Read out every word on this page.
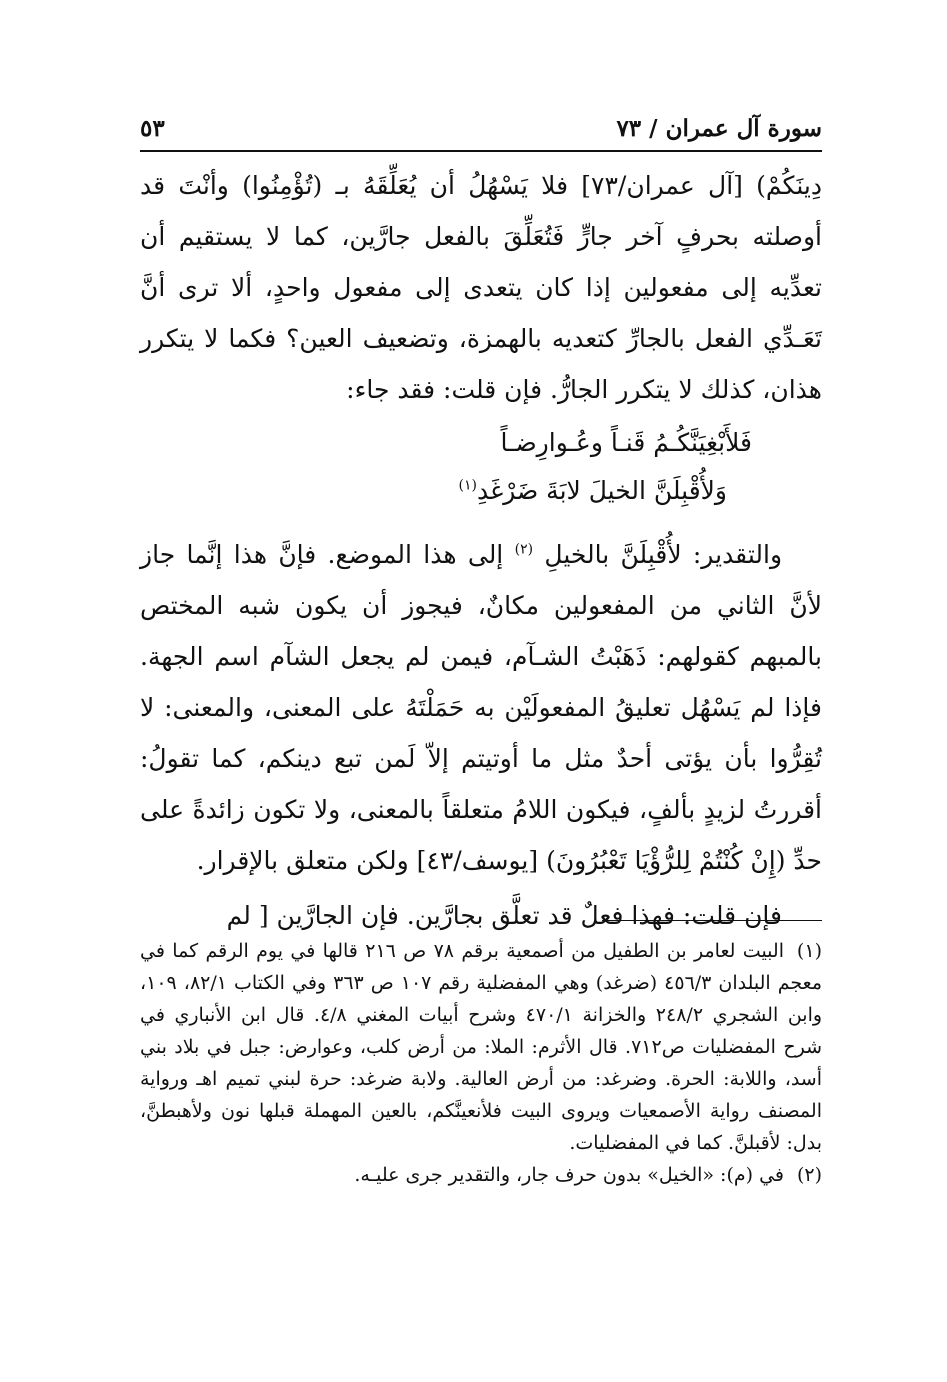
سورة آل عمران / ٧٣
٥٣

دِينَكُمْ) [آل عمران/٧٣] فلا يَسْهُلُ أن يُعَلِّقَهُ بـ (تُؤْمِنُوا) وأنْتَ قد أوصلته بحرفٍ آخر جارٍّ فَتُعَلِّقَ بالفعل جارَّين، كما لا يستقيم أن تعدِّيه إلى مفعولين إذا كان يتعدى إلى مفعول واحدٍ، ألا ترى أنَّ تَعَـدِّي الفعل بالجارِّ كتعديه بالهمزة، وتضعيف العين؟ فكما لا يتكرر هذان، كذلك لا يتكرر الجارُّ. فإن قلت: فقد جاء:

فَلأَبْغِيَنَّكُـمُ قَنـاً وعُـوارِضـاً

وَلأُقْبِلَنَّ الخيلَ لابَةَ ضَرْغَدِ$^{(١)}$

والتقدير: لأُقْبِلَنَّ بالخيلِ $^{(٢)}$ إلى هذا الموضع. فإنَّ هذا إنَّما جاز لأنَّ الثاني من المفعولين مكانٌ، فيجوز أن يكون شبه المختص بالمبهم كقولهم: ذَهَبْتُ الشـآم، فيمن لم يجعل الشآم اسم الجهة. فإذا لم يَسْهُل تعليقُ المفعولَيْن به حَمَلْتَهُ على المعنى، والمعنى: لا تُقِرُّوا بأن يؤتى أحدٌ مثل ما أوتيتم إلاّ لَمن تبع دينكم، كما تقولُ: أقررتُ لزيدٍ بألفٍ، فيكون اللامُ متعلقاً بالمعنى، ولا تكون زائدةً على حدِّ (إِنْ كُنْتُمْ لِلرُّؤْيَا تَعْبُرُونَ) [يوسف/٤٣] ولكن متعلق بالإقرار.

فإن قلت: فهذا فعلٌ قد تعلَّق بجارَّين. فإن الجارَّين [ لم

(١)البيت لعامر بن الطفيل من أصمعية برقم ٧٨ ص ٢١٦ قالها في يوم الرقم كما في معجم البلدان ٤٥٦/٣ (ضرغد) وهي المفضلية رقم ١٠٧ ص ٣٦٣ وفي الكتاب ٨٢/١، ١٠٩، وابن الشجري ٢٤٨/٢ والخزانة ٤٧٠/١ وشرح أبيات المغني ٤/٨. قال ابن الأنباري في شرح المفضليات ص٧١٢. قال الأثرم: الملا: من أرض كلب، وعوارض: جبل في بلاد بني أسد، واللابة: الحرة. وضرغد: من أرض العالية. ولابة ضرغد: حرة لبني تميم اهـ ورواية المصنف رواية الأصمعيات ويروى البيت فلأنعينَّكم، بالعين المهملة قبلها نون ولأهبطنَّ، بدل: لأقبلنَّ. كما في المفضليات.

(٢)في (م): «الخيل» بدون حرف جار، والتقدير جرى عليـه.
